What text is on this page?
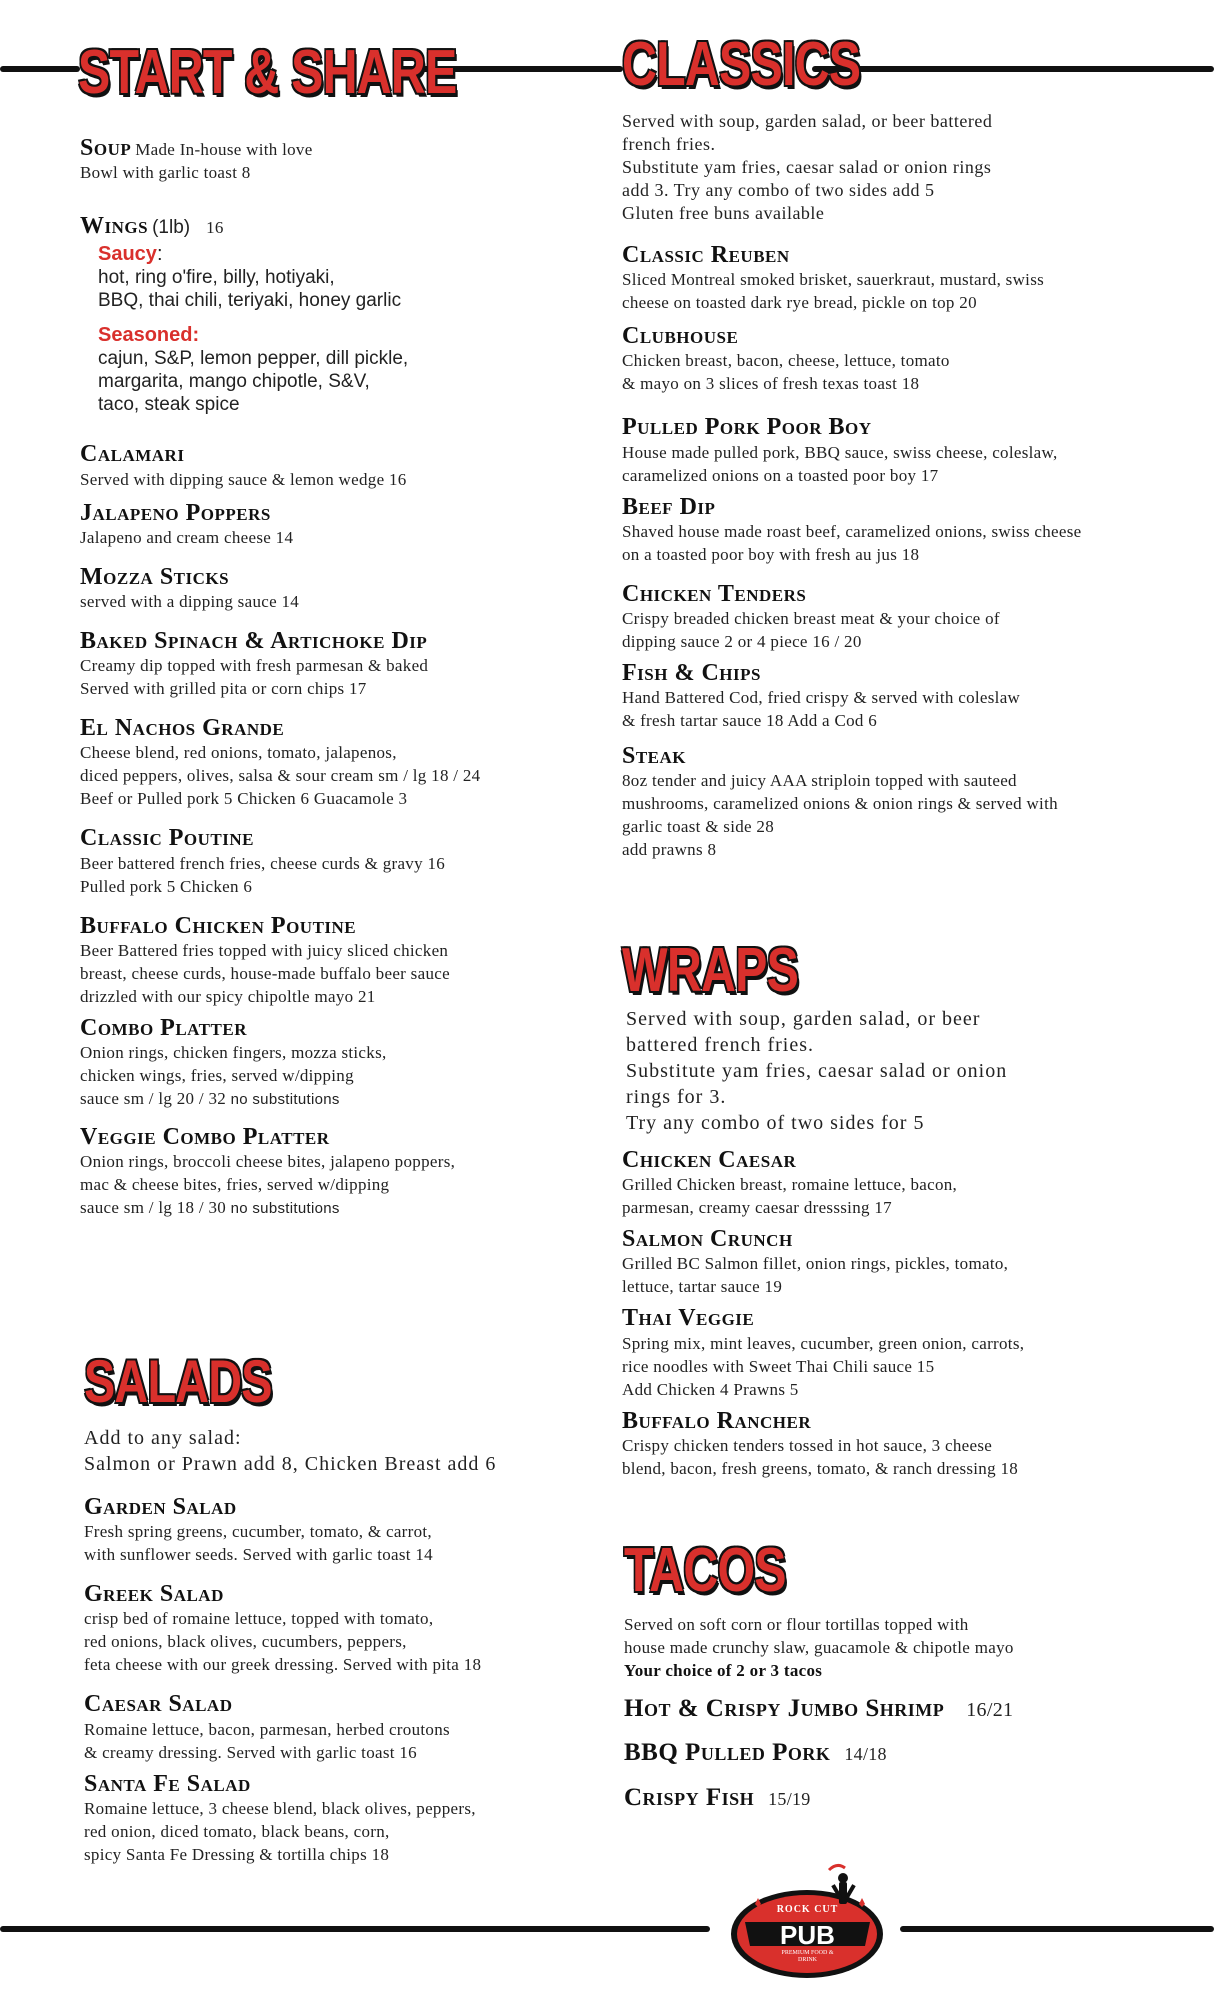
START & SHARE
Soup Made In-house with love
Bowl with garlic toast 8
Wings (1lb) 16
Saucy:
hot, ring o'fire, billy, hotiyaki,
BBQ, thai chili, teriyaki, honey garlic
Seasoned:
cajun, S&P, lemon pepper, dill pickle,
margarita, mango chipotle, S&V,
taco, steak spice
Calamari
Served with dipping sauce & lemon wedge 16
Jalapeno Poppers
Jalapeno and cream cheese 14
Mozza Sticks
served with a dipping sauce 14
Baked Spinach & Artichoke Dip
Creamy dip topped with fresh parmesan & baked
Served with grilled pita or corn chips 17
El Nachos Grande
Cheese blend, red onions, tomato, jalapenos,
diced peppers, olives, salsa & sour cream sm / lg 18 / 24
Beef or Pulled pork 5 Chicken 6 Guacamole 3
Classic Poutine
Beer battered french fries, cheese curds & gravy 16
Pulled pork 5 Chicken 6
Buffalo Chicken Poutine
Beer Battered fries topped with juicy sliced chicken
breast, cheese curds, house-made buffalo beer sauce
drizzled with our spicy chipoltle mayo 21
Combo Platter
Onion rings, chicken fingers, mozza sticks,
chicken wings, fries, served w/dipping
sauce sm / lg 20 / 32 no substitutions
Veggie Combo Platter
Onion rings, broccoli cheese bites, jalapeno poppers,
mac & cheese bites, fries, served w/dipping
sauce sm / lg 18 / 30 no substitutions
SALADS
Add to any salad:
Salmon or Prawn add 8, Chicken Breast add 6
Garden Salad
Fresh spring greens, cucumber, tomato, & carrot,
with sunflower seeds. Served with garlic toast 14
Greek Salad
crisp bed of romaine lettuce, topped with tomato,
red onions, black olives, cucumbers, peppers,
feta cheese with our greek dressing. Served with pita 18
Caesar Salad
Romaine lettuce, bacon, parmesan, herbed croutons
& creamy dressing. Served with garlic toast 16
Santa Fe Salad
Romaine lettuce, 3 cheese blend, black olives, peppers,
red onion, diced tomato, black beans, corn,
spicy Santa Fe Dressing & tortilla chips 18
CLASSICS
Served with soup, garden salad, or beer battered
french fries.
Substitute yam fries, caesar salad or onion rings
add 3. Try any combo of two sides add 5
Gluten free buns available
Classic Reuben
Sliced Montreal smoked brisket, sauerkraut, mustard, swiss
cheese on toasted dark rye bread, pickle on top 20
Clubhouse
Chicken breast, bacon, cheese, lettuce, tomato
& mayo on 3 slices of fresh texas toast 18
Pulled Pork Poor Boy
House made pulled pork, BBQ sauce, swiss cheese, coleslaw,
caramelized onions on a toasted poor boy 17
Beef Dip
Shaved house made roast beef, caramelized onions, swiss cheese
on a toasted poor boy with fresh au jus 18
Chicken Tenders
Crispy breaded chicken breast meat & your choice of
dipping sauce 2 or 4 piece 16 / 20
Fish & Chips
Hand Battered Cod, fried crispy & served with coleslaw
& fresh tartar sauce 18 Add a Cod 6
Steak
8oz tender and juicy AAA striploin topped with sauteed
mushrooms, caramelized onions & onion rings & served with
garlic toast & side 28
add prawns 8
WRAPS
Served with soup, garden salad, or beer
battered french fries.
Substitute yam fries, caesar salad or onion
rings for 3.
Try any combo of two sides for 5
Chicken Caesar
Grilled Chicken breast, romaine lettuce, bacon,
parmesan, creamy caesar dresssing 17
Salmon Crunch
Grilled BC Salmon fillet, onion rings, pickles, tomato,
lettuce, tartar sauce 19
Thai Veggie
Spring mix, mint leaves, cucumber, green onion, carrots,
rice noodles with Sweet Thai Chili sauce 15
Add Chicken 4 Prawns 5
Buffalo Rancher
Crispy chicken tenders tossed in hot sauce, 3 cheese
blend, bacon, fresh greens, tomato, & ranch dressing 18
TACOS
Served on soft corn or flour tortillas topped with
house made crunchy slaw, guacamole & chipotle mayo
Your choice of 2 or 3 tacos
Hot & Crispy Jumbo Shrimp 16/21
BBQ Pulled Pork 14/18
Crispy Fish 15/19
ROCK CUT
PUB
PREMIUM FOOD & DRINK
